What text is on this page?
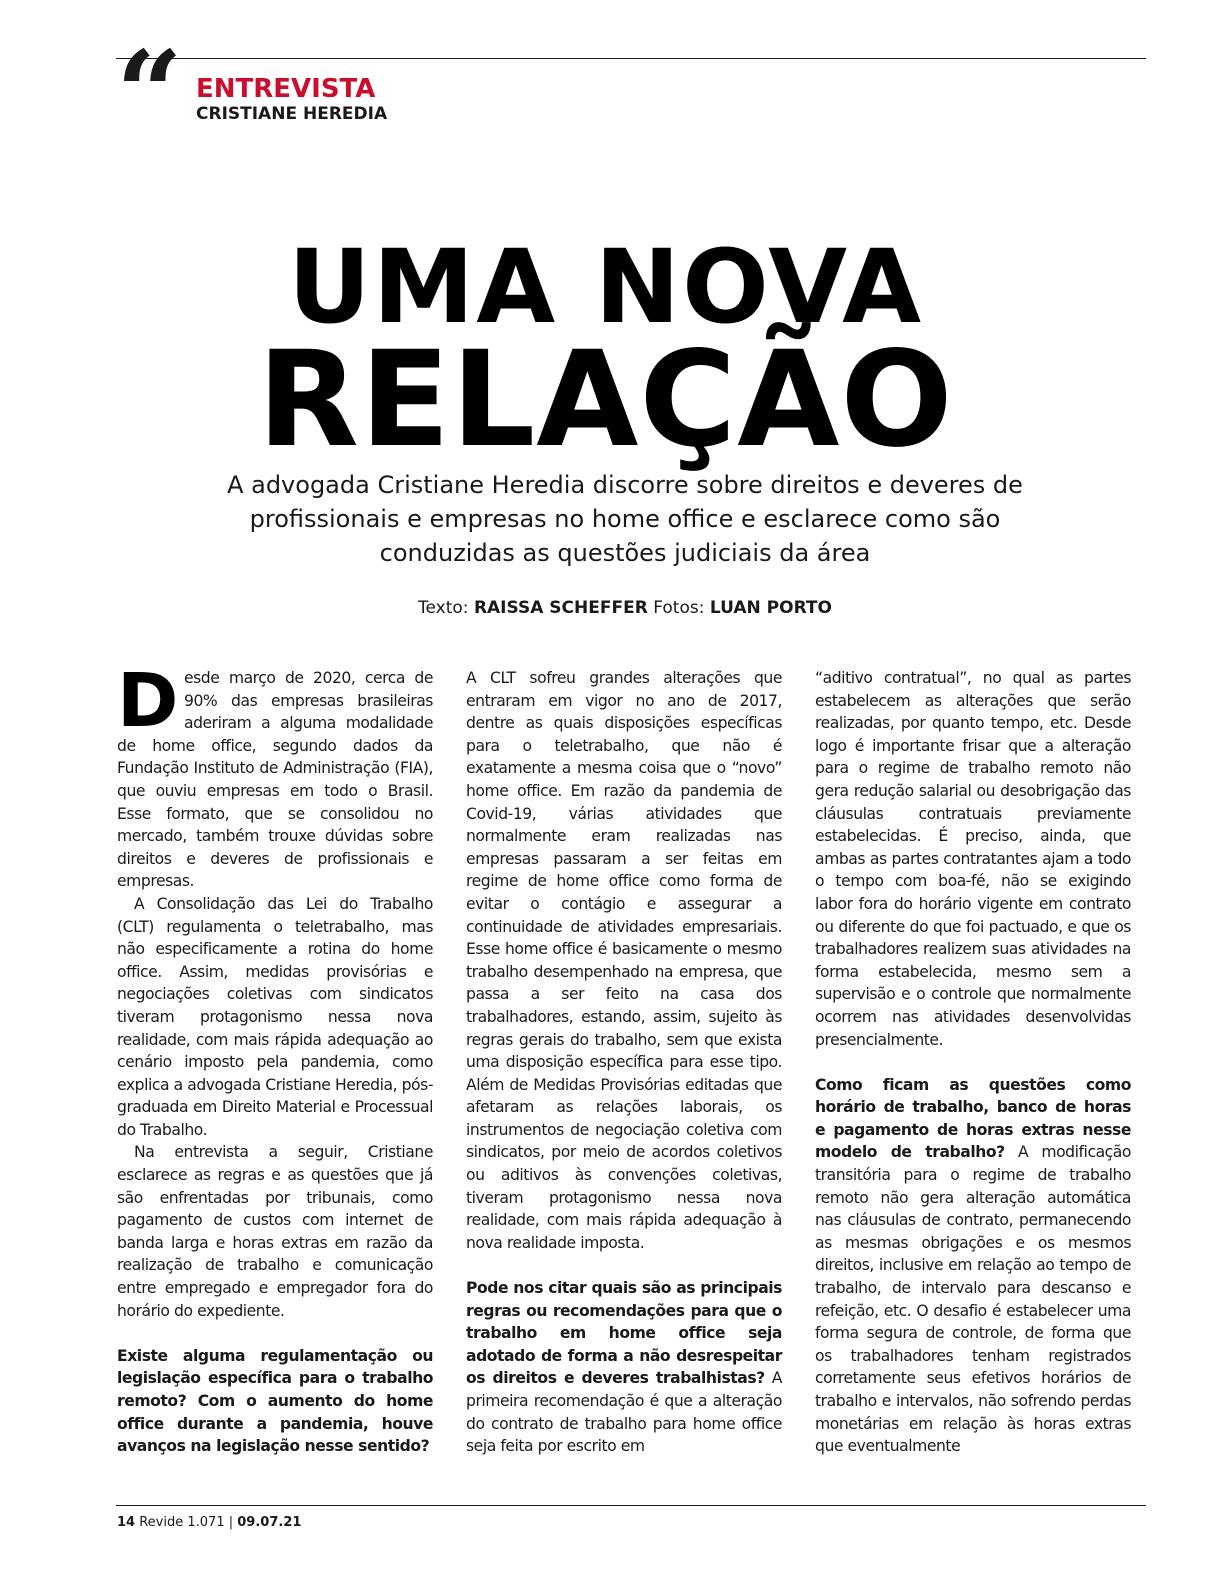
“ ENTREVISTA
CRISTIANE HEREDIA
UMA NOVA
RELAÇÃO
A advogada Cristiane Heredia discorre sobre direitos e deveres de profissionais e empresas no home office e esclarece como são conduzidas as questões judiciais da área
Texto: RAISSA SCHEFFER Fotos: LUAN PORTO

Desde março de 2020, cerca de 90% das empresas brasileiras aderiram a alguma modalidade de home office, segundo dados da Fundação Instituto de Administração (FIA), que ouviu empresas em todo o Brasil. Esse formato, que se consolidou no mercado, também trouxe dúvidas sobre direitos e deveres de profissionais e empresas.

A Consolidação das Lei do Trabalho (CLT) regulamenta o teletrabalho, mas não especificamente a rotina do home office. Assim, medidas provisórias e negociações coletivas com sindicatos tiveram protagonismo nessa nova realidade, com mais rápida adequação ao cenário imposto pela pandemia, como explica a advogada Cristiane Heredia, pós-graduada em Direito Material e Processual do Trabalho.

Na entrevista a seguir, Cristiane esclarece as regras e as questões que já são enfrentadas por tribunais, como pagamento de custos com internet de banda larga e horas extras em razão da realização de trabalho e comunicação entre empregado e empregador fora do horário do expediente.

Existe alguma regulamentação ou legislação específica para o trabalho remoto? Com o aumento do home office durante a pandemia, houve avanços na legislação nesse sentido?

A CLT sofreu grandes alterações que entraram em vigor no ano de 2017, dentre as quais disposições específicas para o teletrabalho, que não é exatamente a mesma coisa que o “novo” home office. Em razão da pandemia de Covid-19, várias atividades que normalmente eram realizadas nas empresas passaram a ser feitas em regime de home office como forma de evitar o contágio e assegurar a continuidade de atividades empresariais. Esse home office é basicamente o mesmo trabalho desempenhado na empresa, que passa a ser feito na casa dos trabalhadores, estando, assim, sujeito às regras gerais do trabalho, sem que exista uma disposição específica para esse tipo. Além de Medidas Provisórias editadas que afetaram as relações laborais, os instrumentos de negociação coletiva com sindicatos, por meio de acordos coletivos ou aditivos às convenções coletivas, tiveram protagonismo nessa nova realidade, com mais rápida adequação à nova realidade imposta.

Pode nos citar quais são as principais regras ou recomendações para que o trabalho em home office seja adotado de forma a não desrespeitar os direitos e deveres trabalhistas? A primeira recomendação é que a alteração do contrato de trabalho para home office seja feita por escrito em

“aditivo contratual”, no qual as partes estabelecem as alterações que serão realizadas, por quanto tempo, etc. Desde logo é importante frisar que a alteração para o regime de trabalho remoto não gera redução salarial ou desobrigação das cláusulas contratuais previamente estabelecidas. É preciso, ainda, que ambas as partes contratantes ajam a todo o tempo com boa-fé, não se exigindo labor fora do horário vigente em contrato ou diferente do que foi pactuado, e que os trabalhadores realizem suas atividades na forma estabelecida, mesmo sem a supervisão e o controle que normalmente ocorrem nas atividades desenvolvidas presencialmente.

Como ficam as questões como horário de trabalho, banco de horas e pagamento de horas extras nesse modelo de trabalho? A modificação transitória para o regime de trabalho remoto não gera alteração automática nas cláusulas de contrato, permanecendo as mesmas obrigações e os mesmos direitos, inclusive em relação ao tempo de trabalho, de intervalo para descanso e refeição, etc. O desafio é estabelecer uma forma segura de controle, de forma que os trabalhadores tenham registrados corretamente seus efetivos horários de trabalho e intervalos, não sofrendo perdas monetárias em relação às horas extras que eventualmente

14 Revide 1.071 | 09.07.21
